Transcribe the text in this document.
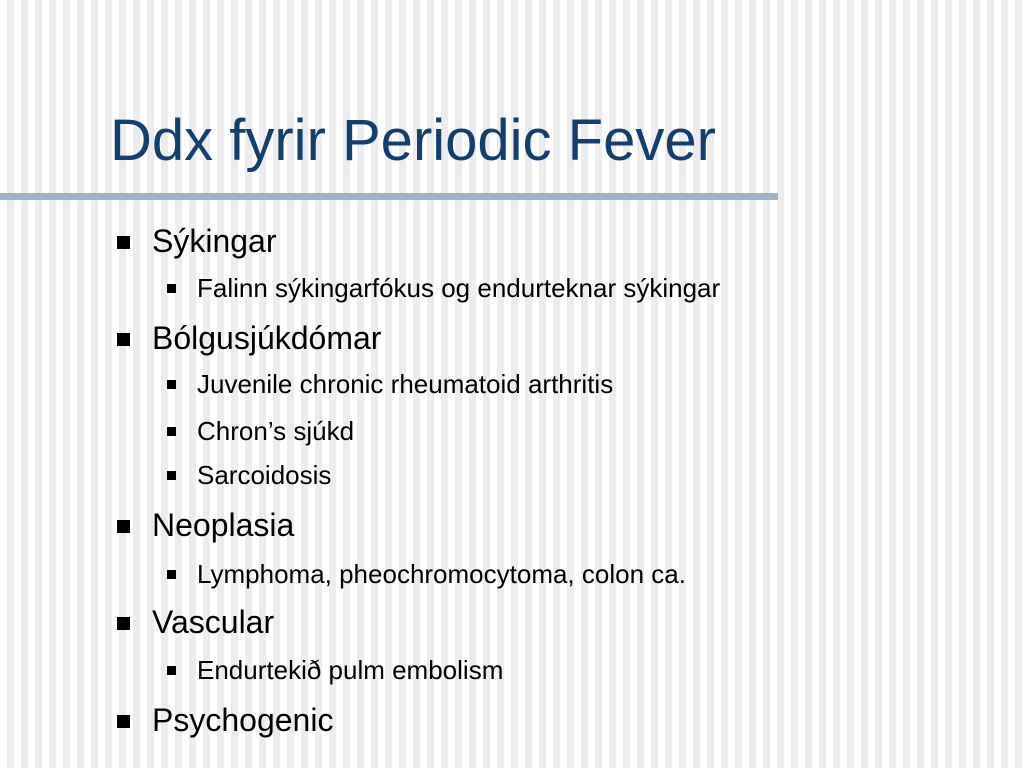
Ddx fyrir Periodic Fever
Sýkingar
Falinn sýkingarfókus og endurteknar sýkingar
Bólgusjúkdómar
Juvenile chronic rheumatoid arthritis
Chron’s sjúkd
Sarcoidosis
Neoplasia
Lymphoma, pheochromocytoma, colon ca.
Vascular
Endurtekið pulm embolism
Psychogenic
